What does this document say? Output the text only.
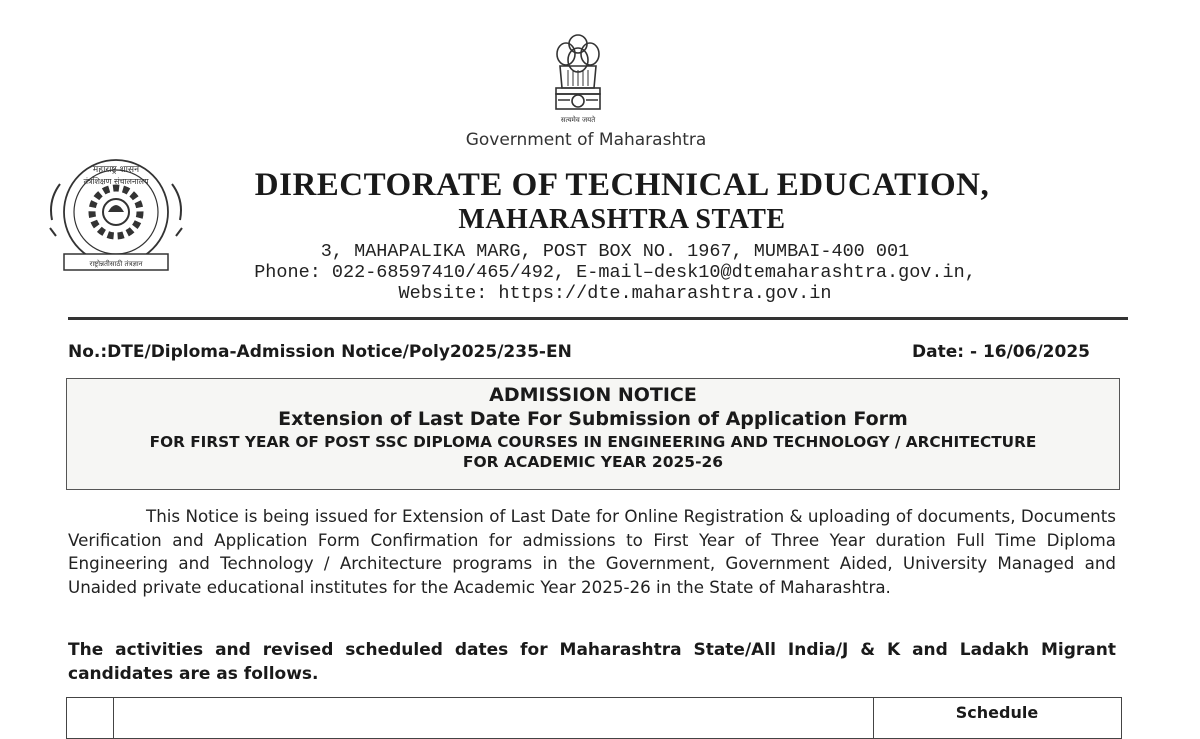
सत्यमेव जयते
Government of Maharashtra
महाराष्ट्र शासन
तंत्रशिक्षण संचालनालय
राष्ट्रोन्नतीसाठी तंत्रज्ञान
DIRECTORATE OF TECHNICAL EDUCATION,
MAHARASHTRA STATE
3, MAHAPALIKA MARG, POST BOX NO. 1967, MUMBAI-400 001
Phone: 022-68597410/465/492, E-mail–desk10@dtemaharashtra.gov.in,
Website: https://dte.maharashtra.gov.in
No.:DTE/Diploma-Admission Notice/Poly2025/235-EN	Date: - 16/06/2025
ADMISSION NOTICE
Extension of Last Date For Submission of Application Form
FOR FIRST YEAR OF POST SSC DIPLOMA COURSES IN ENGINEERING AND TECHNOLOGY / ARCHITECTURE
FOR ACADEMIC YEAR 2025-26
This Notice is being issued for Extension of Last Date for Online Registration & uploading of documents, Documents Verification and Application Form Confirmation for admissions to First Year of Three Year duration Full Time Diploma Engineering and Technology / Architecture programs in the Government, Government Aided, University Managed and Unaided private educational institutes for the Academic Year 2025-26 in the State of Maharashtra.
The activities and revised scheduled dates for Maharashtra State/All India/J & K and Ladakh Migrant candidates are as follows.
Schedule
